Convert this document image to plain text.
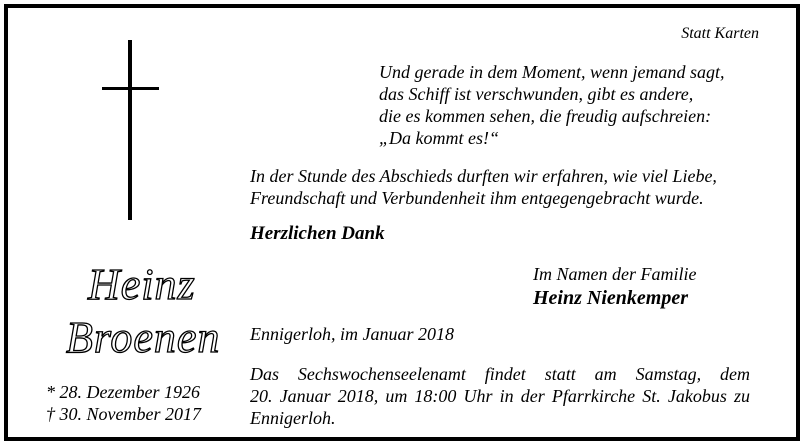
Statt Karten
Und gerade in dem Moment, wenn jemand sagt,
das Schiff ist verschwunden, gibt es andere,
die es kommen sehen, die freudig aufschreien:
„Da kommt es!“
In der Stunde des Abschieds durften wir erfahren, wie viel Liebe,
Freundschaft und Verbundenheit ihm entgegengebracht wurde.
Herzlichen Dank
Im Namen der Familie
Heinz Nienkemper
Ennigerloh, im Januar 2018
Das Sechswochenseelenamt findet statt am Samstag, dem
20. Januar 2018, um 18:00 Uhr in der Pfarrkirche St. Jakobus zu
Ennigerloh.
Heinz
Broenen
* 28. Dezember 1926
† 30. November 2017
